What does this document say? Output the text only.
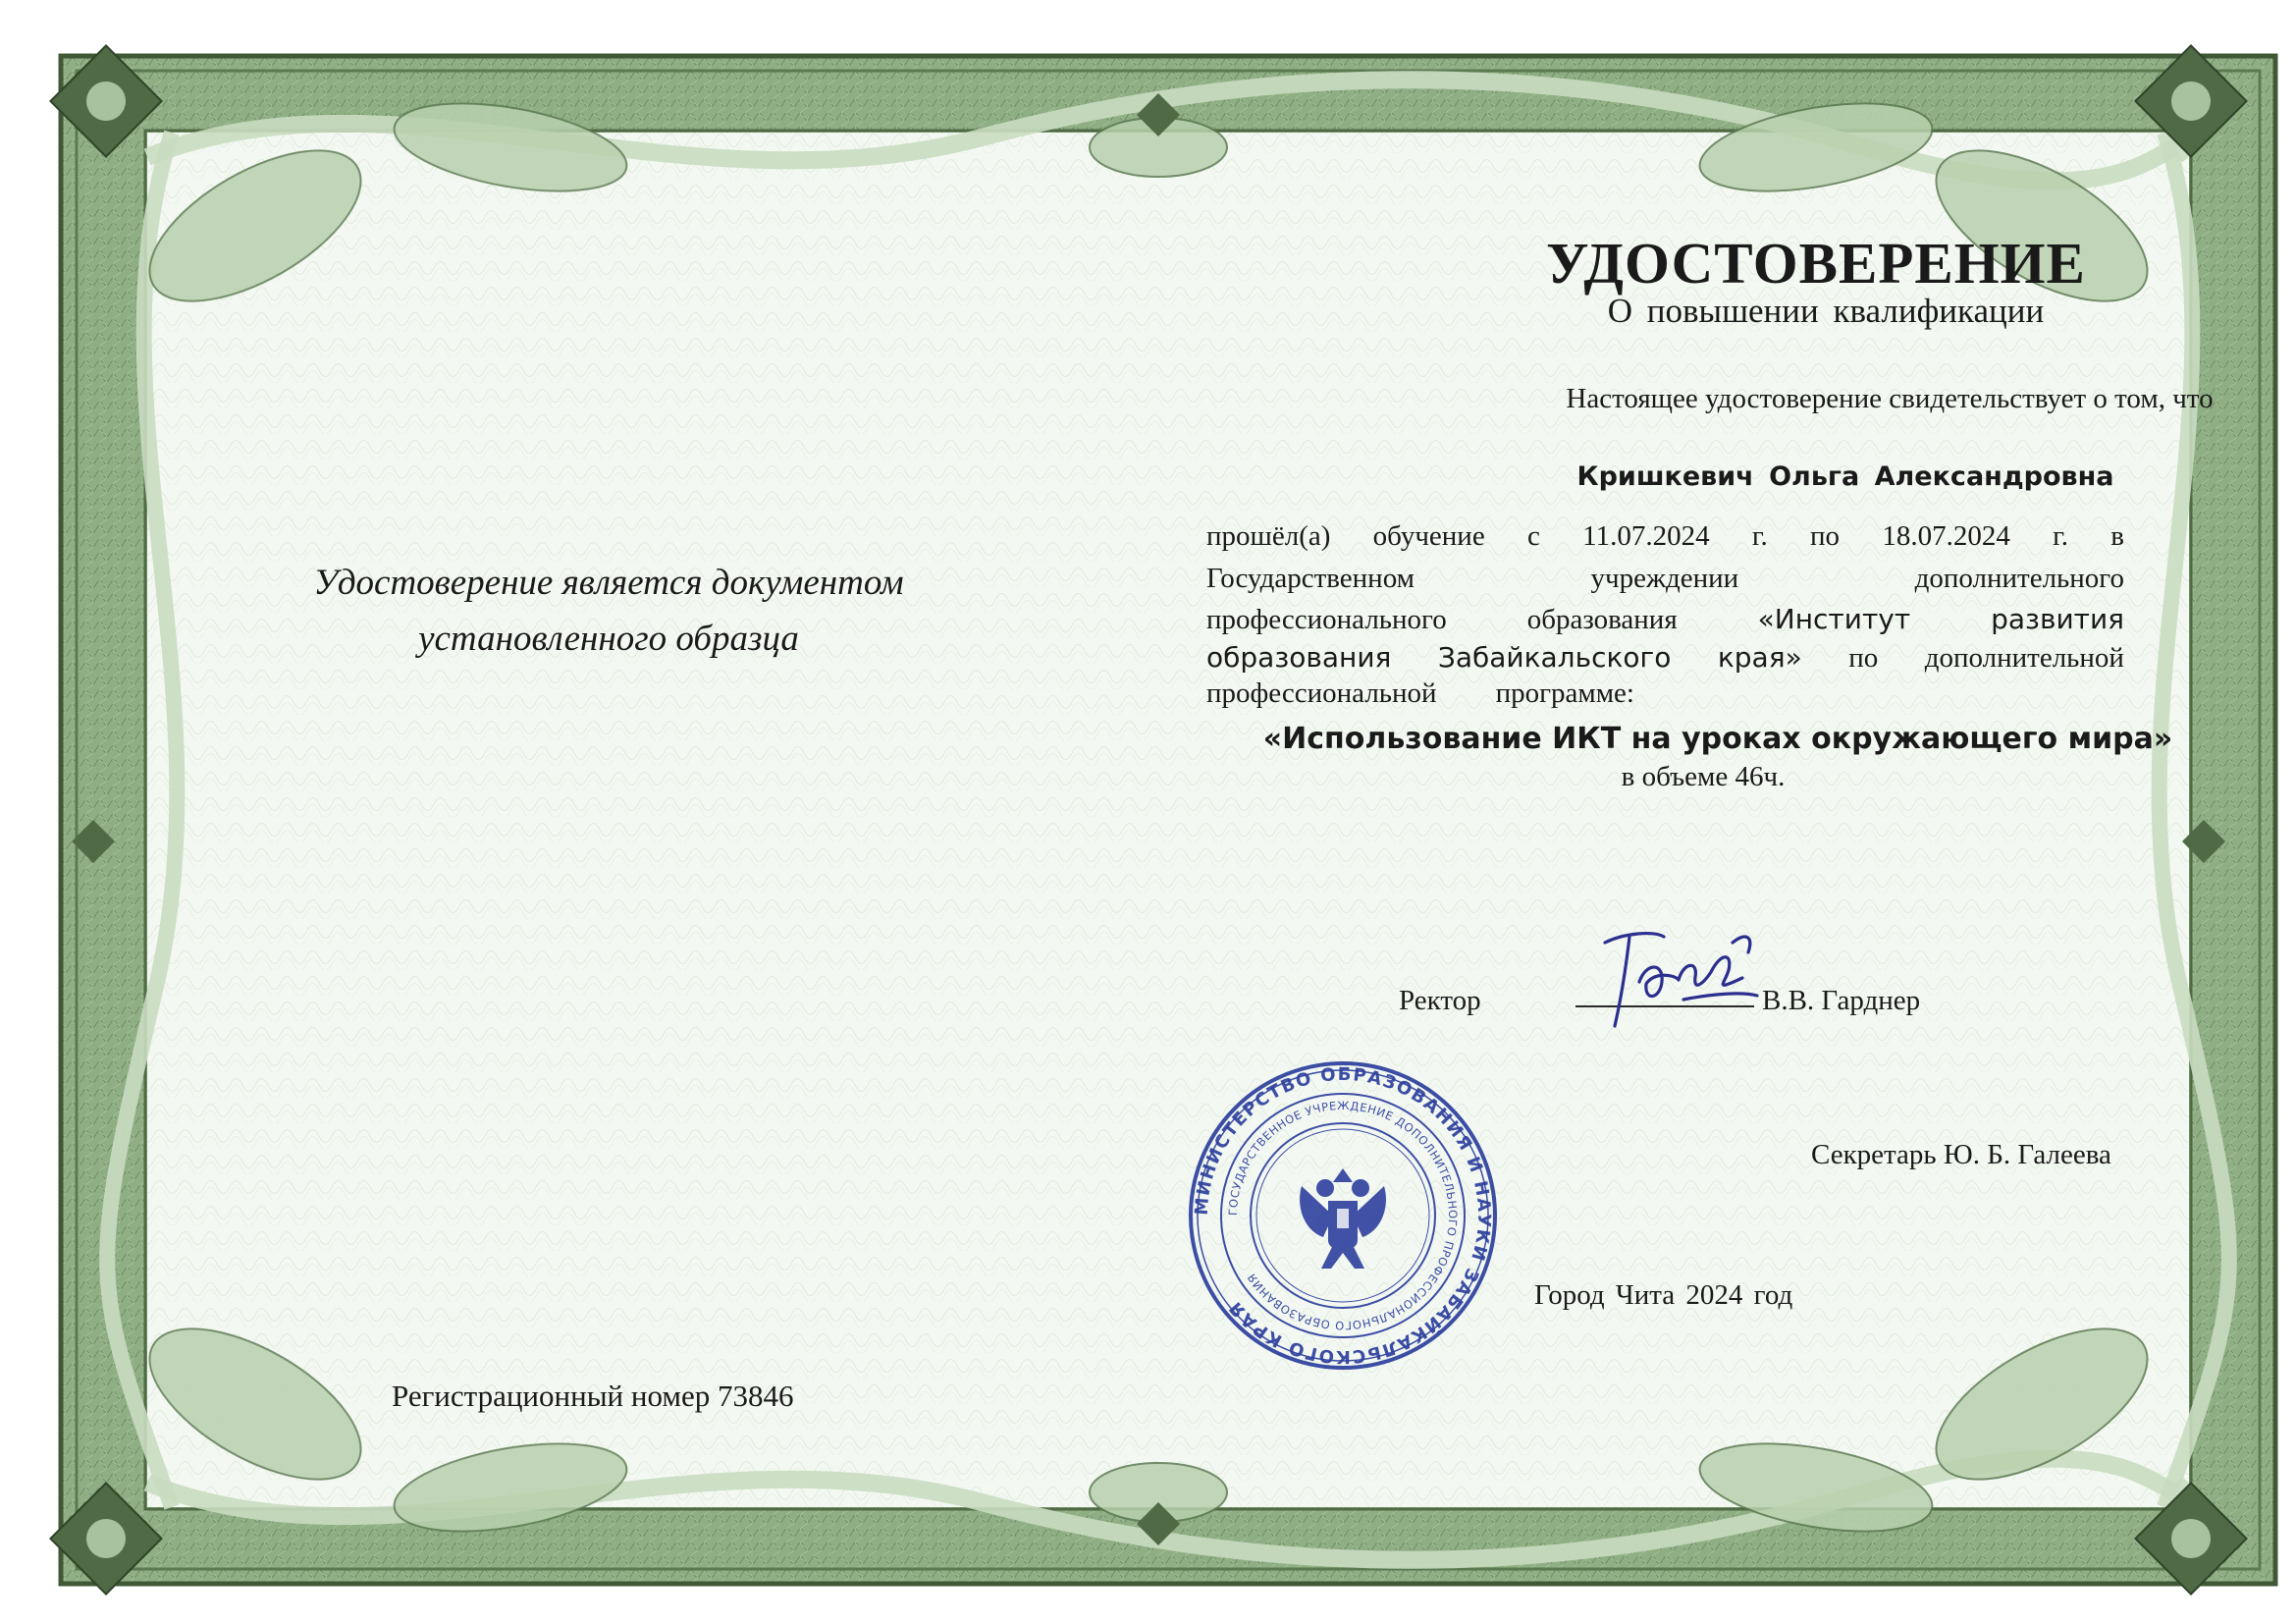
Удостоверение является документом
установленного образца
Регистрационный номер 73846
УДОСТОВЕРЕНИЕ
О повышении квалификации
Настоящее удостоверение свидетельствует о том, что
Кришкевич Ольга Александровна
прошёл(а) обучение с 11.07.2024 г. по 18.07.2024 г. в
Государственном	учреждении	дополнительного
профессионального	образования	«Институт	развития
образования Забайкальского края» по дополнительной
профессиональной программе:
«Использование ИКТ на уроках окружающего мира»
в объеме 46ч.
Ректор	В.В. Гарднер
Секретарь Ю. Б. Галеева
Город Чита 2024 год
МИНИСТЕРСТВО ОБРАЗОВАНИЯ И НАУКИ ЗАБАЙКАЛЬСКОГО КРАЯ
ГОСУДАРСТВЕННОЕ УЧРЕЖДЕНИЕ ДОПОЛНИТЕЛЬНОГО ПРОФЕССИОНАЛЬНОГО ОБРАЗОВАНИЯ
